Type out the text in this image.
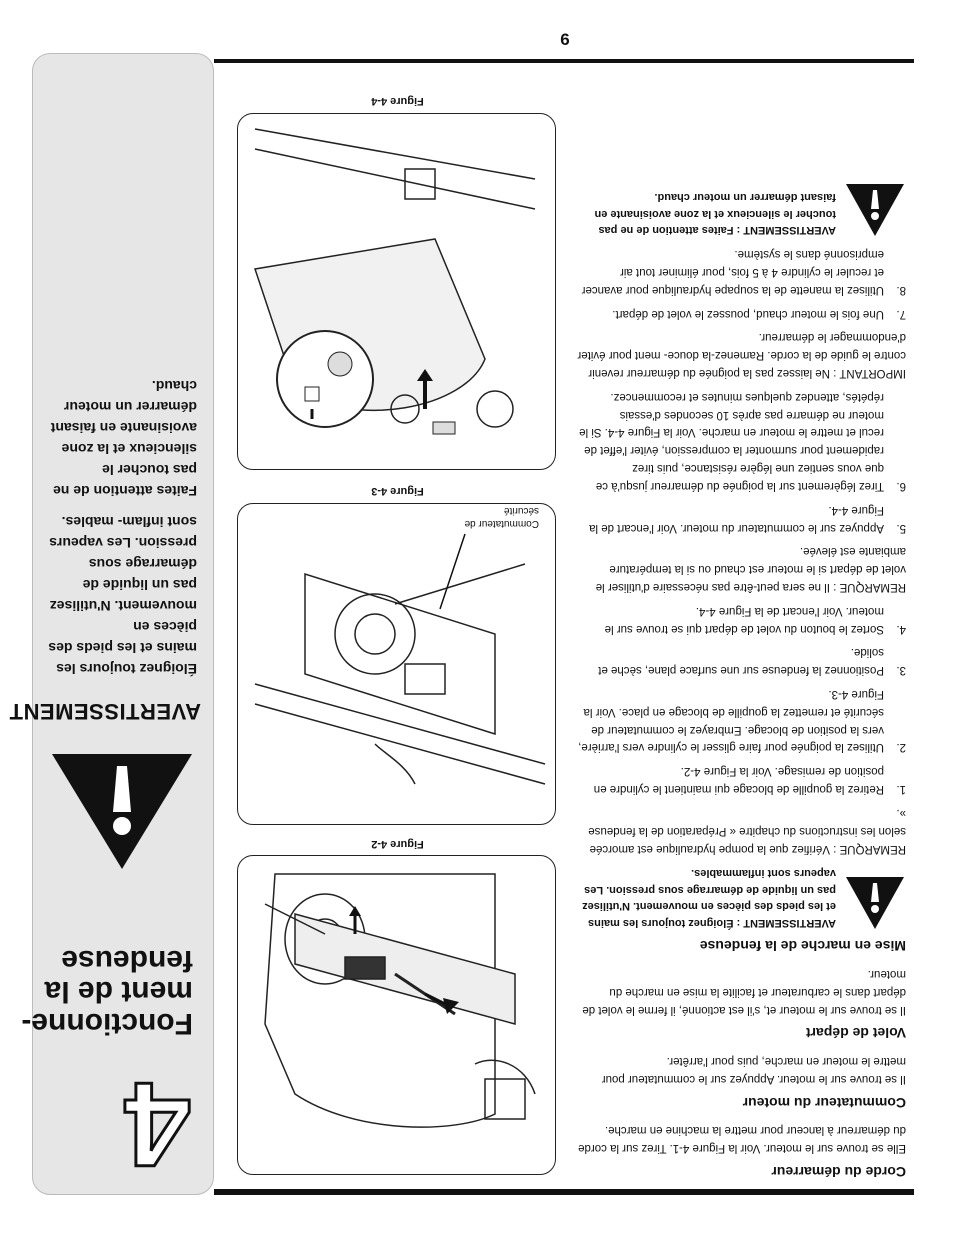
6
4
Fonctionne- ment de la fendeuse
AVERTISSEMENT

Éloignez toujours les mains et les pieds des pièces en mouvement. N'utilisez pas un liquide de démarrage sous pression. Les vapeurs sont inflam- mables.

Faites attention de ne pas toucher le silencieux et la zone avoisinante en faisant démarrer un moteur chaud.

Corde du démarreur

Elle se trouve sur le moteur. Voir la Figure 4-1. Tirez sur la corde du démarreur à lanceur pour mettre la machine en marche.

Commutateur du moteur

Il se trouve sur le moteur. Appuyez sur le commutateur pour mettre le moteur en marche, puis pour l'arrêter.

Volet de départ

Il se trouve sur le moteur et, s'il est actionné, il ferme le volet de départ dans le carburateur et facilite la mise en marche du moteur.

Mise en marche de la fendeuse
AVERTISSEMENT : Éloignez toujours les mains et les pieds des pièces en mouvement. N'utilisez pas un liquide de démarrage sous pression. Les vapeurs sont inflammables.

REMARQUE : Vérifiez que la pompe hydraulique est amorcée selon les instructions du chapitre « Préparation de la fendeuse ».

1.
Retirez la goupille de blocage qui maintient le cylindre en position de remisage. Voir la Figure 4-2.
2.
Utilisez la poignée pour faire glisser le cylindre vers l'arrière, vers la position de blocage. Embrayez le commutateur de sécurité et remettez la goupille de blocage en place. Voir la Figure 4-3.
3.
Positionnez la fendeuse sur une surface plane, sèche et solide.
4.
Sortez le bouton du volet de départ qui se trouve sur le moteur. Voir l'encart de la Figure 4-4.

REMARQUE : Il ne sera peut-être pas nécessaire d'utiliser le volet de départ si le moteur est chaud ou si la température ambiante est élevée.

5.
Appuyez sur le commutateur du moteur. Voir l'encart de la Figure 4-4.
6.
Tirez légèrement sur la poignée du démarreur jusqu'à ce que vous sentiez une légère résistance, puis tirez rapidement pour surmonter la compression, éviter l'effet de recul et mettre le moteur en marche. Voir la Figure 4-4. Si le moteur ne démarre pas après 10 secondes d'essais répétés, attendez quelques minutes et recommencez.

IMPORTANT : Ne laissez pas la poignée du démarreur revenir contre le guide de la corde. Ramenez-la douce- ment pour éviter d'endommager le démarreur.

7.
Une fois le moteur chaud, poussez le volet de départ.
8.
Utilisez la manette de la soupape hydraulique pour avancer et reculer le cylindre 4 à 5 fois, pour éliminer tout air emprisonné dans le système.
AVERTISSEMENT : Faites attention de ne pas toucher le silencieux et la zone avoisinante en faisant démarrer un moteur chaud.
Figure 4-2
Figure 4-3
Commutateur de sécurité
Figure 4-4
